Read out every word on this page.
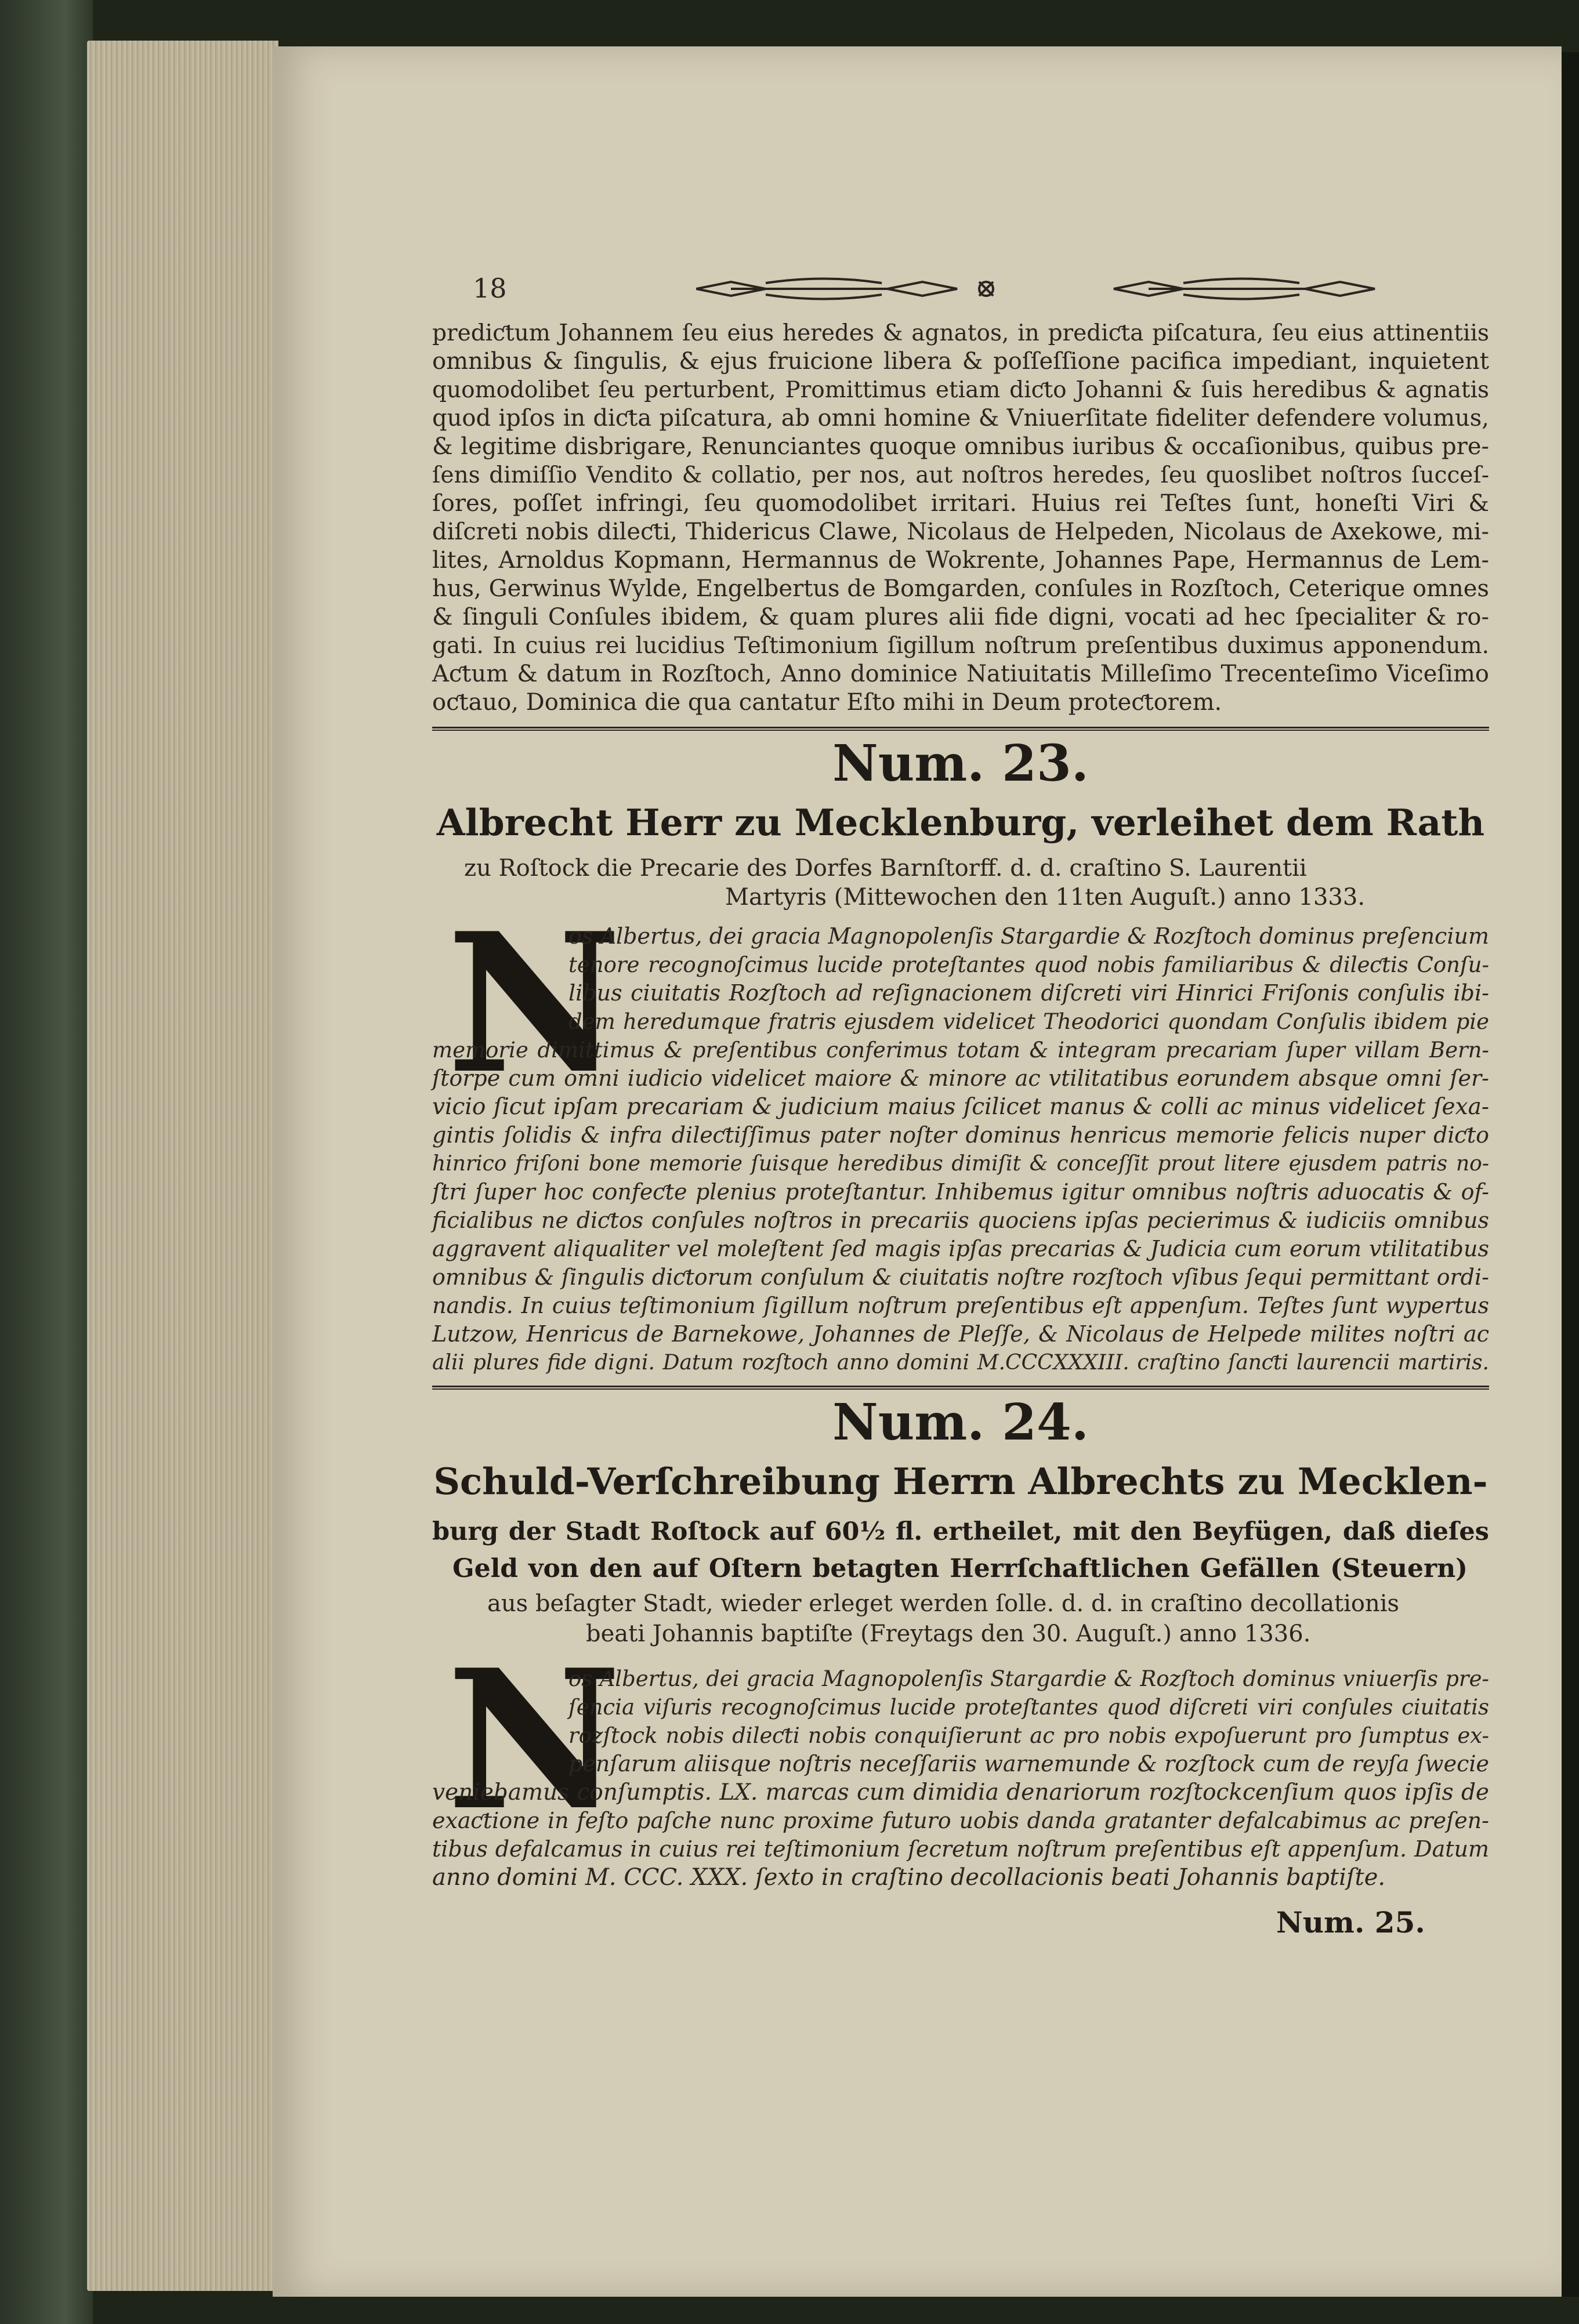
18
prediƈtum Johannem ſeu eius heredes & agnatos, in prediƈta piſcatura, ſeu eius attinentiis
omnibus & ſingulis, & ejus fruicione libera & poſſeſſione pacifica impediant, inquietent
quomodolibet ſeu perturbent, Promittimus etiam diƈto Johanni & ſuis heredibus & agnatis
quod ipſos in diƈta piſcatura, ab omni homine & Vniuerſitate fideliter defendere volumus,
& legitime disbrigare, Renunciantes quoque omnibus iuribus & occaſionibus, quibus pre-
ſens dimiſſio Vendito & collatio, per nos, aut noſtros heredes, ſeu quoslibet noſtros ſucceſ-
ſores, poſſet infringi, ſeu quomodolibet irritari. Huius rei Teſtes ſunt, honeſti Viri &
diſcreti nobis dileƈti, Thidericus Clawe, Nicolaus de Helpeden, Nicolaus de Axekowe, mi-
lites, Arnoldus Kopmann, Hermannus de Wokrente, Johannes Pape, Hermannus de Lem-
hus, Gerwinus Wylde, Engelbertus de Bomgarden, conſules in Rozſtoch, Ceterique omnes
& ſinguli Conſules ibidem, & quam plures alii fide digni, vocati ad hec ſpecialiter & ro-
gati. In cuius rei lucidius Teſtimonium ſigillum noſtrum preſentibus duximus apponendum.
Aƈtum & datum in Rozſtoch, Anno dominice Natiuitatis Milleſimo Trecenteſimo Viceſimo
oƈtauo, Dominica die qua cantatur Eſto mihi in Deum proteƈtorem.
Num. 23.
Albrecht Herr zu Mecklenburg, verleihet dem Rath
zu Roſtock die Precarie des Dorfes Barnſtorff. d. d. craſtino S. Laurentii
Martyris (Mittewochen den 11ten Auguſt.) anno 1333.
N
os Albertus, dei gracia Magnopolenſis Stargardie & Rozſtoch dominus preſencium
tenore recognoſcimus lucide proteſtantes quod nobis familiaribus & dileƈtis Conſu-
libus ciuitatis Rozſtoch ad reſignacionem diſcreti viri Hinrici Friſonis conſulis ibi-
dem heredumque fratris ejusdem videlicet Theodorici quondam Conſulis ibidem pie
memorie dimittimus & preſentibus conferimus totam & integram precariam ſuper villam Bern-
ſtorpe cum omni iudicio videlicet maiore & minore ac vtilitatibus eorundem absque omni ſer-
vicio ſicut ipſam precariam & judicium maius ſcilicet manus & colli ac minus videlicet ſexa-
gintis ſolidis & infra dileƈtiſſimus pater noſter dominus henricus memorie felicis nuper diƈto
hinrico friſoni bone memorie ſuisque heredibus dimiſit & conceſſit prout litere ejusdem patris no-
ſtri ſuper hoc confeƈte plenius proteſtantur. Inhibemus igitur omnibus noſtris aduocatis & of-
ficialibus ne diƈtos conſules noſtros in precariis quociens ipſas pecierimus & iudiciis omnibus
aggravent aliqualiter vel moleſtent ſed magis ipſas precarias & Judicia cum eorum vtilitatibus
omnibus & ſingulis diƈtorum conſulum & ciuitatis noſtre rozſtoch vſibus ſequi permittant ordi-
nandis. In cuius teſtimonium ſigillum noſtrum preſentibus eſt appenſum. Teſtes ſunt wypertus
Lutzow, Henricus de Barnekowe, Johannes de Pleſſe, & Nicolaus de Helpede milites noſtri ac
alii plures fide digni. Datum rozſtoch anno domini M.CCCXXXIII. craſtino ſanƈti laurencii martiris.
Num. 24.
Schuld-Verſchreibung Herrn Albrechts zu Mecklen-
burg der Stadt Roſtock auf 60½ fl. ertheilet, mit den Beyfügen, daß dieſes
Geld von den auf Oſtern betagten Herrſchaftlichen Gefällen (Steuern)
aus beſagter Stadt, wieder erleget werden ſolle. d. d. in craſtino decollationis
beati Johannis baptiſte (Freytags den 30. Auguſt.) anno 1336.
N
os Albertus, dei gracia Magnopolenſis Stargardie & Rozſtoch dominus vniuerſis pre-
ſencia viſuris recognoſcimus lucide proteſtantes quod diſcreti viri conſules ciuitatis
rozſtock nobis dileƈti nobis conquiſierunt ac pro nobis expoſuerunt pro ſumptus ex-
penſarum aliisque noſtris neceſſariis warnemunde & rozſtock cum de reyſa ſwecie
veniebamus conſumptis. LX. marcas cum dimidia denariorum rozſtockcenſium quos ipſis de
exaƈtione in feſto paſche nunc proxime futuro uobis danda gratanter defalcabimus ac preſen-
tibus defalcamus in cuius rei teſtimonium ſecretum noſtrum preſentibus eſt appenſum. Datum
anno domini M. CCC. XXX. ſexto in craſtino decollacionis beati Johannis baptiſte.
Num. 25.
